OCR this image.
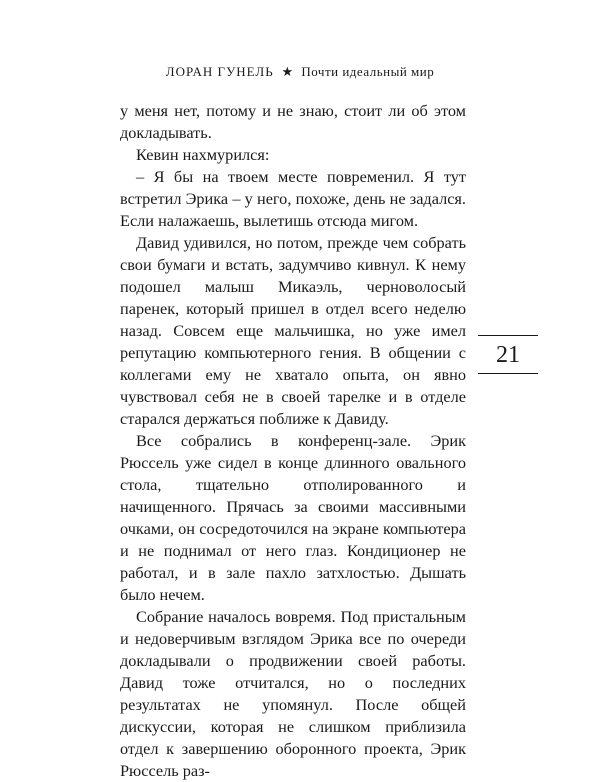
ЛОРАН ГУНЕЛЬ ★ Почти идеальный мир

у меня нет, потому и не знаю, стоит ли об этом докладывать.

Кевин нахмурился:

– Я бы на твоем месте повременил. Я тут встретил Эрика – у него, похоже, день не задался. Если налажаешь, вылетишь отсюда мигом.

Давид удивился, но потом, прежде чем собрать свои бумаги и встать, задумчиво кивнул. К нему подошел малыш Микаэль, черноволосый паренек, который пришел в отдел всего неделю назад. Совсем еще мальчишка, но уже имел репутацию компьютерного гения. В общении с коллегами ему не хватало опыта, он явно чувствовал себя не в своей тарелке и в отделе старался держаться поближе к Давиду.

Все собрались в конференц-зале. Эрик Рюссель уже сидел в конце длинного овального стола, тщательно отполированного и начищенного. Прячась за своими массивными очками, он сосредоточился на экране компьютера и не поднимал от него глаз. Кондиционер не работал, и в зале пахло затхлостью. Дышать было нечем.

Собрание началось вовремя. Под пристальным и недоверчивым взглядом Эрика все по очереди докладывали о продвижении своей работы. Давид тоже отчитался, но о последних результатах не упомянул. После общей дискуссии, которая не слишком приблизила отдел к завершению оборонного проекта, Эрик Рюссель раз-

21
